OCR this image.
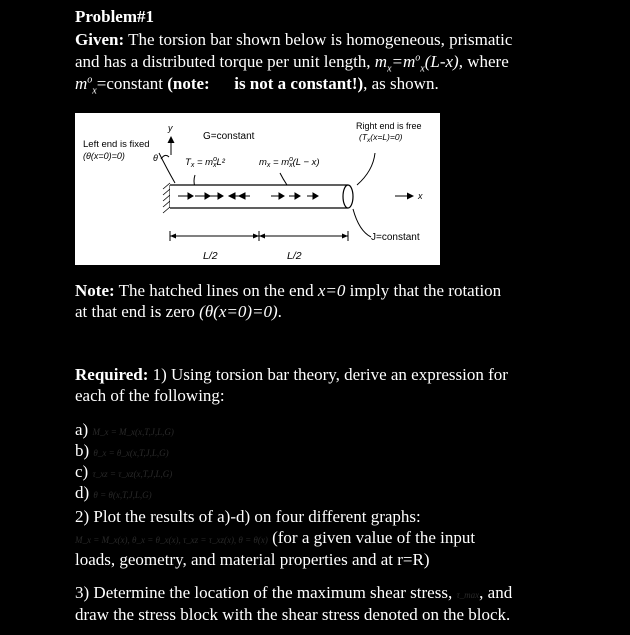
Problem#1
Given: The torsion bar shown below is homogeneous, prismatic
and has a distributed torque per unit length, $m_x=m^o_x(L-x)$, where
$m^o_x=constant$ (note: is not a constant!), as shown.
Left end is fixed
(θ(x=0)=0)
y
θ
G=constant
$T_x = m^o$ xL²	$m_x = m^o$ x(L − x)
Right end is free
$(T_x(x=L)=0)$
x
J=constant
L/2	L/2
Note: The hatched lines on the end x=0 imply that the rotation
at that end is zero (θ(x=0)=0).
Required: 1) Using torsion bar theory, derive an expression for
each of the following:
a) M_x = M_x(x,T,J,L,G)
b) θ_x = θ_x(x,T,J,L,G)
c) τ_xz = τ_xz(x,T,J,L,G)
d) θ = θ(x,T,J,L,G)
2) Plot the results of a)-d) on four different graphs:
M_x = M_x(x), θ_x = θ_x(x), τ_xz = τ_xz(x), θ = θ(x) (for a given value of the input
loads, geometry, and material properties and at r=R)
3) Determine the location of the maximum shear stress, τ_max, and
draw the stress block with the shear stress denoted on the block.
